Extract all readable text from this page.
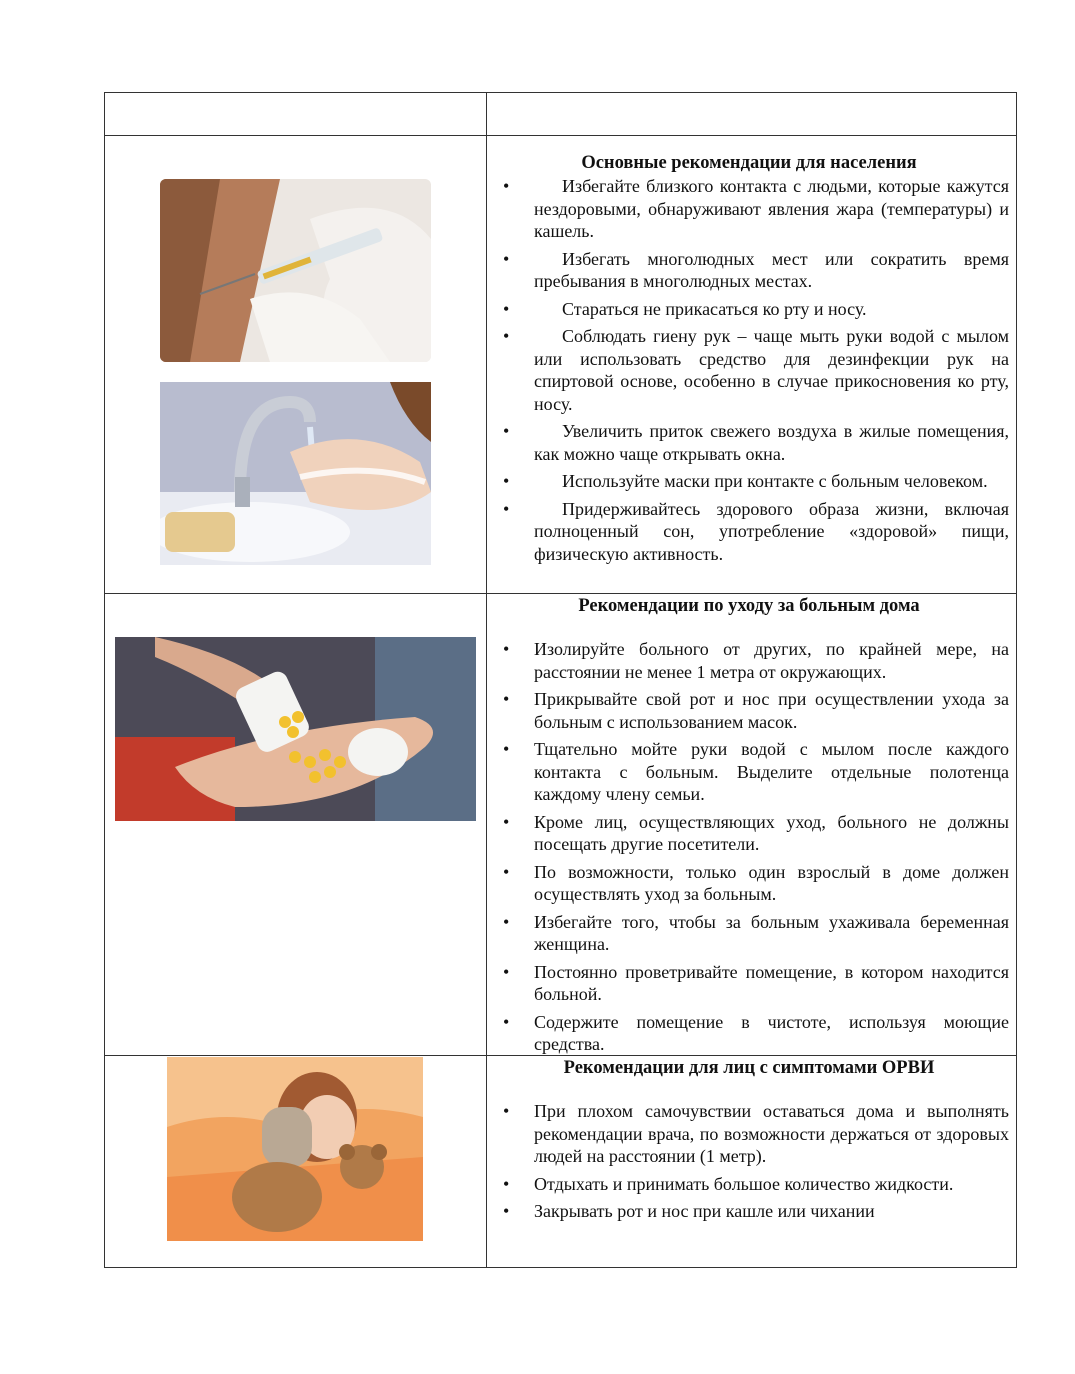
Основные рекомендации для населения
• Избегайте близкого контакта с людьми, которые кажутся нездоровыми, обнаруживают явления жара (температуры) и кашель.
• Избегать многолюдных мест или сократить время пребывания в многолюдных местах.
• Стараться не прикасаться ко рту и носу.
• Соблюдать гиену рук – чаще мыть руки водой с мылом или использовать средство для дезинфекции рук на спиртовой основе, особенно в случае прикосновения ко рту, носу.
• Увеличить приток свежего воздуха в жилые помещения, как можно чаще открывать окна.
• Используйте маски при контакте с больным человеком.
• Придерживайтесь здорового образа жизни, включая полноценный сон, употребление «здоровой» пищи, физическую активность.
Рекомендации по уходу за больным дома
• Изолируйте больного от других, по крайней мере, на расстоянии не менее 1 метра от окружающих.
• Прикрывайте свой рот и нос при осуществлении ухода за больным с использованием масок.
• Тщательно мойте руки водой с мылом после каждого контакта с больным. Выделите отдельные полотенца каждому члену семьи.
• Кроме лиц, осуществляющих уход, больного не должны посещать другие посетители.
• По возможности, только один взрослый в доме должен осуществлять уход за больным.
• Избегайте того, чтобы за больным ухаживала беременная женщина.
• Постоянно проветривайте помещение, в котором находится больной.
• Содержите помещение в чистоте, используя моющие средства.
Рекомендации для лиц с симптомами ОРВИ
• При плохом самочувствии оставаться дома и выполнять рекомендации врача, по возможности держаться от здоровых людей на расстоянии (1 метр).
• Отдыхать и принимать большое количество жидкости.
• Закрывать рот и нос при кашле или чихании
